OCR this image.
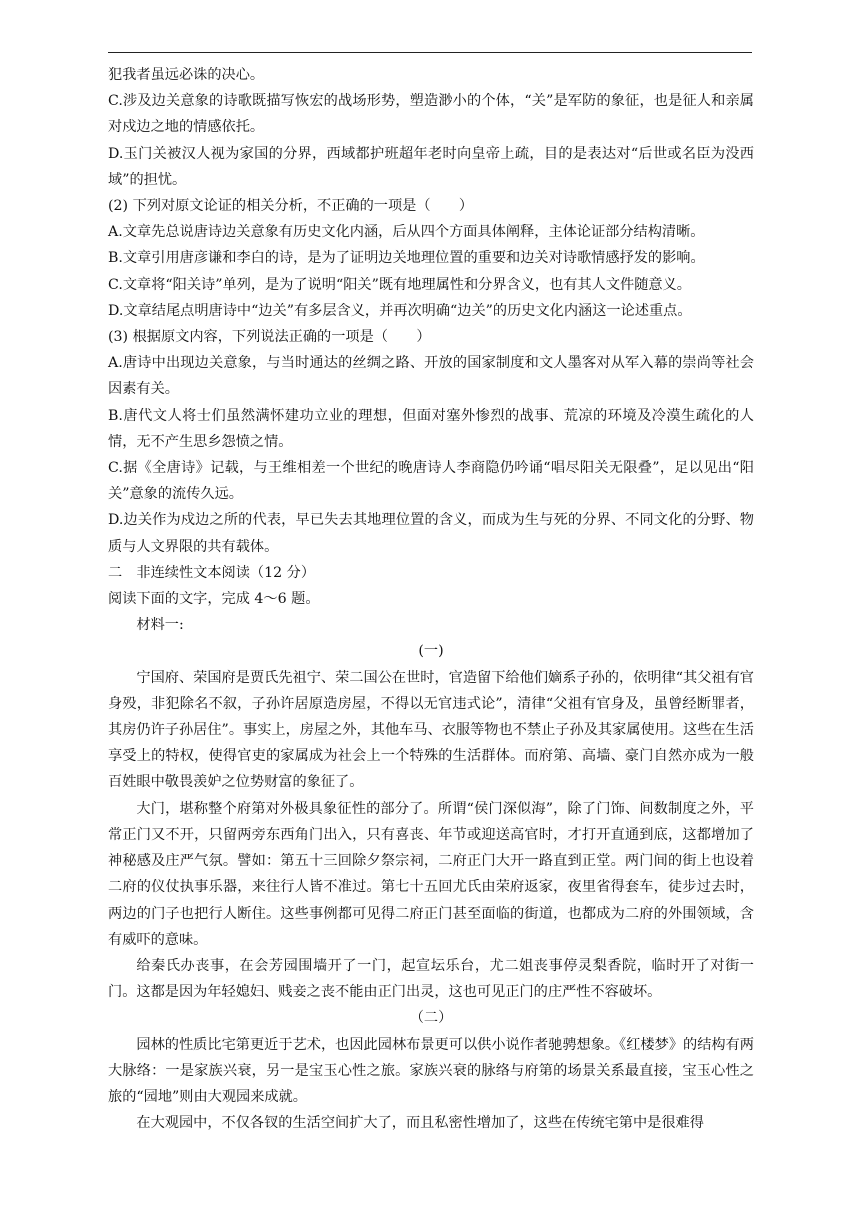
犯我者虽远必诛的决心。

C.涉及边关意象的诗歌既描写恢宏的战场形势，塑造渺小的个体，“关”是军防的象征，也是征人和亲属对戍边之地的情感依托。

D.玉门关被汉人视为家国的分界，西域都护班超年老时向皇帝上疏，目的是表达对“后世或名臣为没西域”的担忧。

(2) 下列对原文论证的相关分析，不正确的一项是（　　）

A.文章先总说唐诗边关意象有历史文化内涵，后从四个方面具体阐释，主体论证部分结构清晰。

B.文章引用唐彦谦和李白的诗，是为了证明边关地理位置的重要和边关对诗歌情感抒发的影响。

C.文章将“阳关诗”单列，是为了说明“阳关”既有地理属性和分界含义，也有其人文件随意义。

D.文章结尾点明唐诗中“边关”有多层含义，并再次明确“边关”的历史文化内涵这一论述重点。

(3) 根据原文内容，下列说法正确的一项是（　　）

A.唐诗中出现边关意象，与当时通达的丝绸之路、开放的国家制度和文人墨客对从军入幕的崇尚等社会因素有关。

B.唐代文人将士们虽然满怀建功立业的理想，但面对塞外惨烈的战事、荒凉的环境及冷漠生疏化的人情，无不产生思乡怨愤之情。

C.据《全唐诗》记载，与王维相差一个世纪的晚唐诗人李商隐仍吟诵“唱尽阳关无限叠”，足以见出“阳关”意象的流传久远。

D.边关作为戍边之所的代表，早已失去其地理位置的含义，而成为生与死的分界、不同文化的分野、物质与人文界限的共有载体。

二　非连续性文本阅读（12 分）

阅读下面的文字，完成 4～6 题。

材料一:

(一)

宁国府、荣国府是贾氏先祖宁、荣二国公在世时，官造留下给他们嫡系子孙的，依明律“其父祖有官身殁，非犯除名不叙，子孙许居原造房屋，不得以无官违式论”，清律“父祖有官身及，虽曾经断罪者，其房仍许子孙居住”。事实上，房屋之外，其他车马、衣服等物也不禁止子孙及其家属使用。这些在生活享受上的特权，使得官吏的家属成为社会上一个特殊的生活群体。而府第、高墙、豪门自然亦成为一般百姓眼中敬畏羡妒之位势财富的象征了。

大门，堪称整个府第对外极具象征性的部分了。所谓“侯门深似海”，除了门饰、间数制度之外，平常正门又不开，只留两旁东西角门出入，只有喜丧、年节或迎送高官时，才打开直通到底，这都增加了神秘感及庄严气氛。譬如：第五十三回除夕祭宗祠，二府正门大开一路直到正堂。两门间的街上也设着二府的仪仗执事乐器，来往行人皆不准过。第七十五回尤氏由荣府返家，夜里省得套车，徒步过去时，两边的门子也把行人断住。这些事例都可见得二府正门甚至面临的街道，也都成为二府的外围领域，含有威吓的意味。

给秦氏办丧事，在会芳园围墙开了一门，起宣坛乐台，尤二姐丧事停灵梨香院，临时开了对街一门。这都是因为年轻媳妇、贱妾之丧不能由正门出灵，这也可见正门的庄严性不容破坏。

（二）

园林的性质比宅第更近于艺术，也因此园林布景更可以供小说作者驰骋想象。《红楼梦》的结构有两大脉络：一是家族兴衰，另一是宝玉心性之旅。家族兴衰的脉络与府第的场景关系最直接，宝玉心性之旅的“园地”则由大观园来成就。

在大观园中，不仅各钗的生活空间扩大了，而且私密性增加了，这些在传统宅第中是很难得
